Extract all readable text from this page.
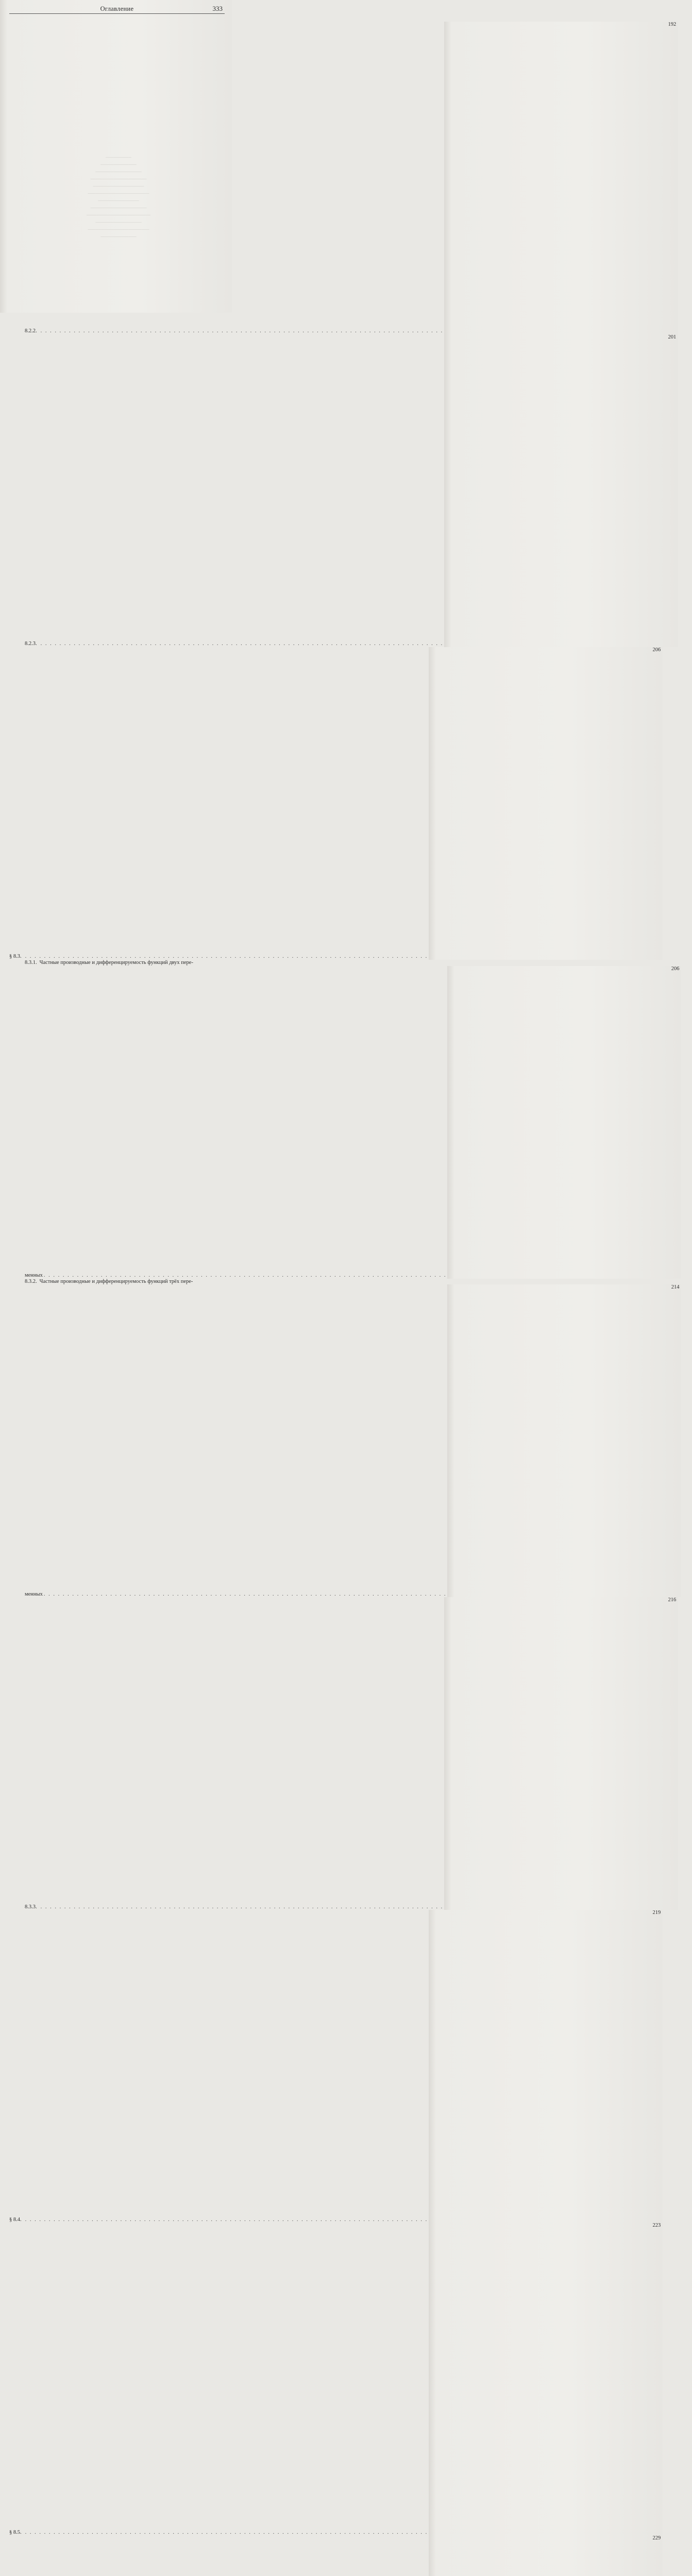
Оглавление	333
8.2.2.
. . .
192
8.2.3.
. . .
201
§ 8.3.
. . .
206
8.3.1. Частные производные и дифференцируемость функций двух пере-
менных
. . .
206
8.3.2. Частные производные и дифференцируемость функций трёх пере-
менных
. . .
214
8.3.3.
. . .
216
§ 8.4.
. . .
219
§ 8.5.
. . .
223
229
──────────
──────────────
──────────────────
──────────────────────
────────────────────
────────────────────────
────────────────
──────────────────────
─────────────────────────
──────────────────
────────────────────────
──────────────
